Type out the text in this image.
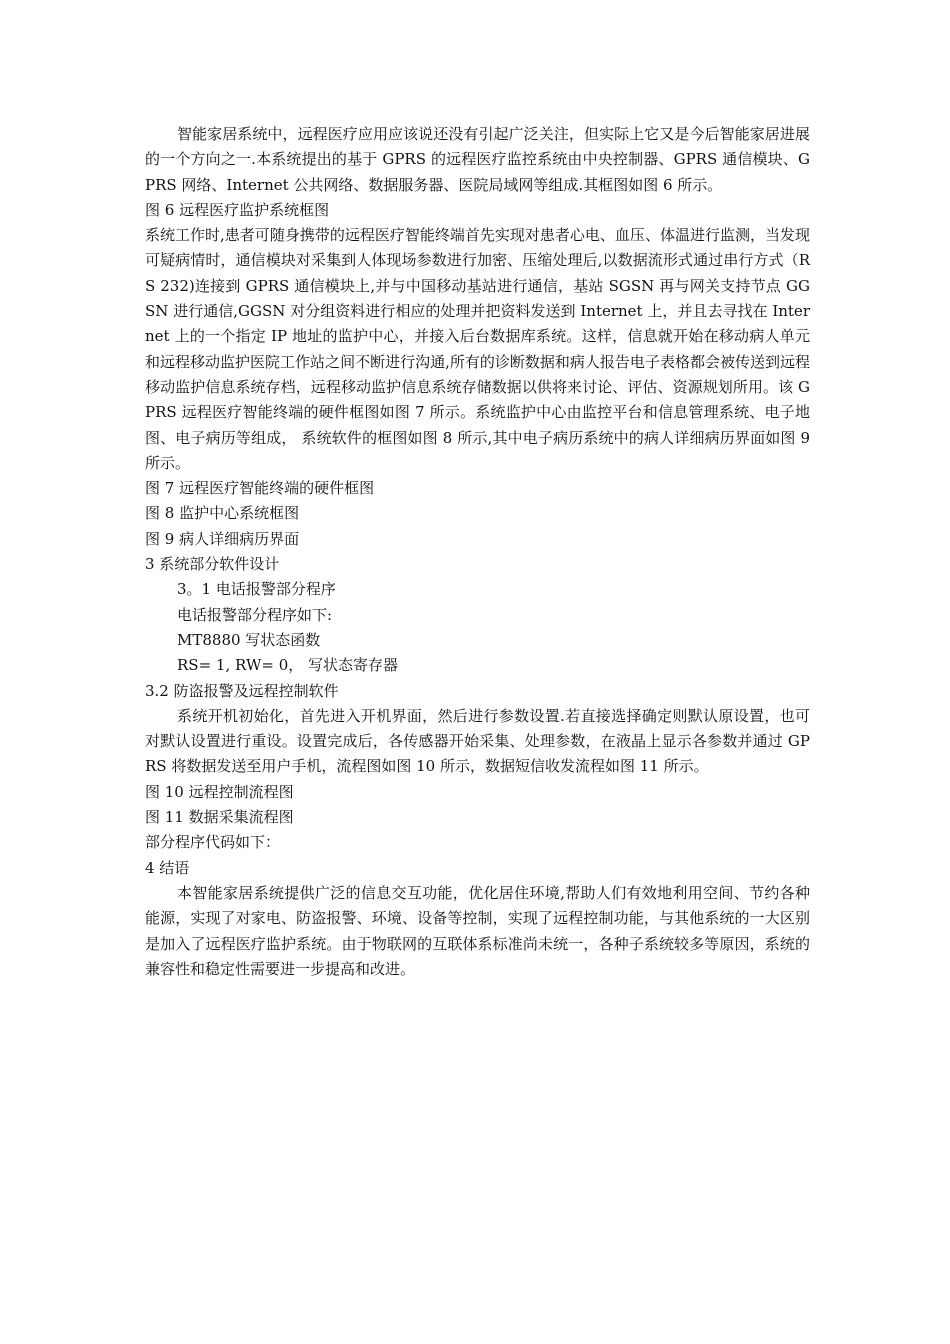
智能家居系统中，远程医疗应用应该说还没有引起广泛关注，但实际上它又是今后智能家居进展的一个方向之一.本系统提出的基于 GPRS 的远程医疗监控系统由中央控制器、GPRS 通信模块、GPRS 网络、Internet 公共网络、数据服务器、医院局域网等组成.其框图如图 6 所示。

图 6 远程医疗监护系统框图

系统工作时,患者可随身携带的远程医疗智能终端首先实现对患者心电、血压、体温进行监测，当发现可疑病情时，通信模块对采集到人体现场参数进行加密、压缩处理后,以数据流形式通过串行方式（RS 232)连接到 GPRS 通信模块上,并与中国移动基站进行通信，基站 SGSN 再与网关支持节点 GGSN 进行通信,GGSN 对分组资料进行相应的处理并把资料发送到 Internet 上，并且去寻找在 Internet 上的一个指定 IP 地址的监护中心，并接入后台数据库系统。这样，信息就开始在移动病人单元和远程移动监护医院工作站之间不断进行沟通,所有的诊断数据和病人报告电子表格都会被传送到远程移动监护信息系统存档，远程移动监护信息系统存储数据以供将来讨论、评估、资源规划所用。该 GPRS 远程医疗智能终端的硬件框图如图 7 所示。系统监护中心由监控平台和信息管理系统、电子地图、电子病历等组成， 系统软件的框图如图 8 所示,其中电子病历系统中的病人详细病历界面如图 9 所示。

图 7 远程医疗智能终端的硬件框图

图 8 监护中心系统框图

图 9 病人详细病历界面

3 系统部分软件设计

3。1 电话报警部分程序

电话报警部分程序如下:

MT8880 写状态函数

RS= 1, RW= 0， 写状态寄存器

3.2 防盗报警及远程控制软件

系统开机初始化，首先进入开机界面，然后进行参数设置.若直接选择确定则默认原设置，也可对默认设置进行重设。设置完成后，各传感器开始采集、处理参数，在液晶上显示各参数并通过 GPRS 将数据发送至用户手机，流程图如图 10 所示，数据短信收发流程如图 11 所示。

图 10 远程控制流程图

图 11 数据采集流程图

部分程序代码如下：

4 结语

本智能家居系统提供广泛的信息交互功能，优化居住环境,帮助人们有效地利用空间、节约各种能源，实现了对家电、防盗报警、环境、设备等控制，实现了远程控制功能，与其他系统的一大区别是加入了远程医疗监护系统。由于物联网的互联体系标准尚未统一，各种子系统较多等原因，系统的兼容性和稳定性需要进一步提高和改进。
